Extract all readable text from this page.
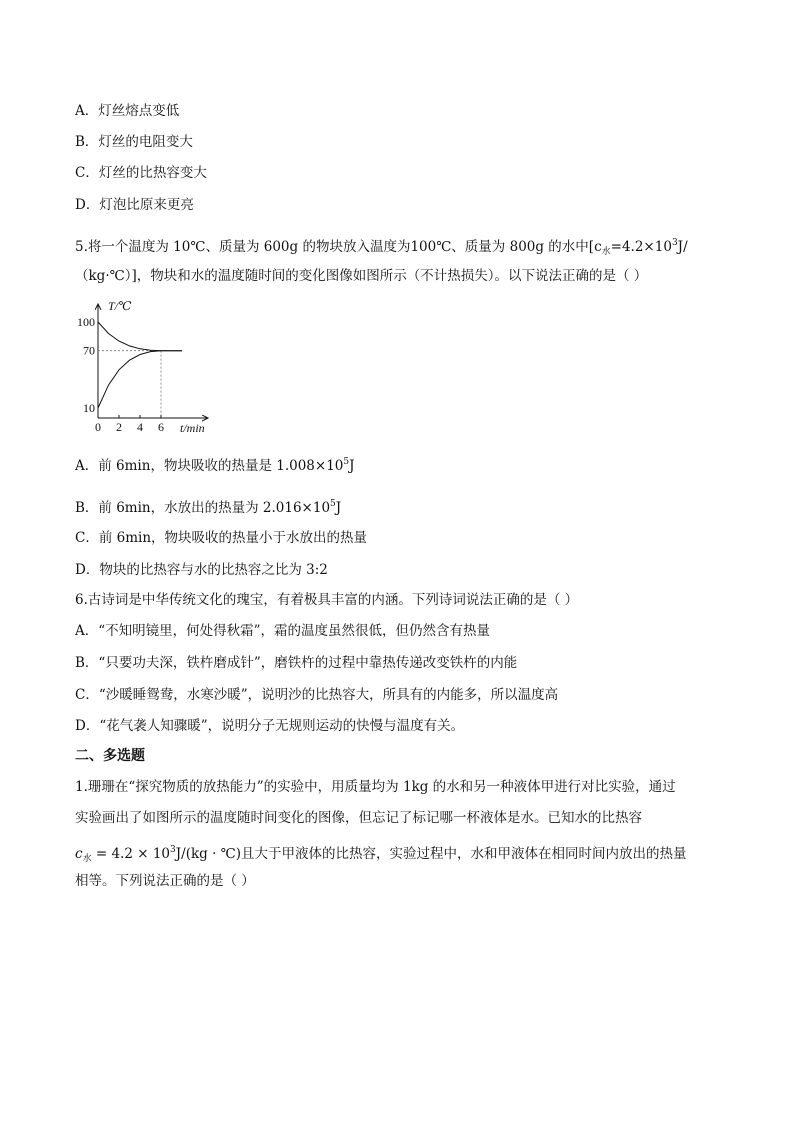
A．灯丝熔点变低
B．灯丝的电阻变大
C．灯丝的比热容变大
D．灯泡比原来更亮
5.将一个温度为 10℃、质量为 600g 的物块放入温度为100℃、质量为 800g 的水中[$c_水=4.2\times 10^3J/$
（kg·℃）]，物块和水的温度随时间的变化图像如图所示（不计热损失）。以下说法正确的是（ ）
100
70
10
0 2 4 6
T/℃
t/min
A．前 6min，物块吸收的热量是 $1.008\times 10^5J$
B．前 6min，水放出的热量为 $2.016\times 10^5J$
C．前 6min，物块吸收的热量小于水放出的热量
D．物块的比热容与水的比热容之比为 3:2
6.古诗词是中华传统文化的瑰宝，有着极具丰富的内涵。下列诗词说法正确的是（ ）
A．“不知明镜里，何处得秋霜”，霜的温度虽然很低，但仍然含有热量
B．“只要功夫深，铁杵磨成针”，磨铁杵的过程中靠热传递改变铁杵的内能
C．“沙暖睡鸳鸯，水寒沙暖”，说明沙的比热容大，所具有的内能多，所以温度高
D．“花气袭人知骤暖”，说明分子无规则运动的快慢与温度有关。
二、多选题
1.珊珊在“探究物质的放热能力”的实验中，用质量均为 1kg 的水和另一种液体甲进行对比实验，通过
实验画出了如图所示的温度随时间变化的图像，但忘记了标记哪一杯液体是水。已知水的比热容
$c_水 = 4.2 \times 10^3J/(kg$ · ℃)且大于甲液体的比热容，实验过程中，水和甲液体在相同时间内放出的热量
相等。下列说法正确的是（ ）
